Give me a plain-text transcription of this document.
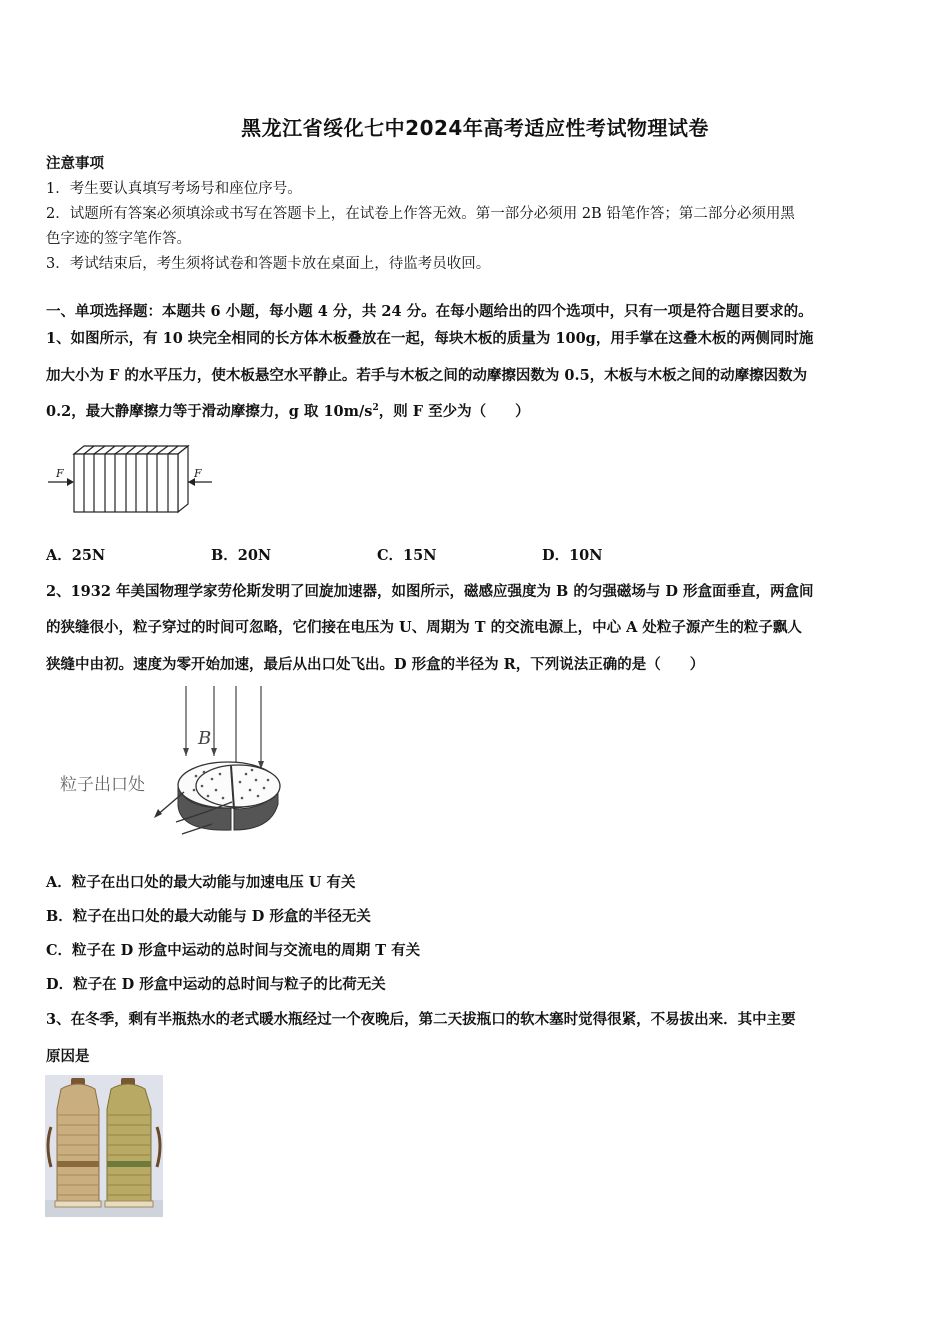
黑龙江省绥化七中2024年高考适应性考试物理试卷
注意事项
1．考生要认真填写考场号和座位序号。
2．试题所有答案必须填涂或书写在答题卡上，在试卷上作答无效。第一部分必须用 2B 铅笔作答；第二部分必须用黑
色字迹的签字笔作答。
3．考试结束后，考生须将试卷和答题卡放在桌面上，待监考员收回。
一、单项选择题：本题共 6 小题，每小题 4 分，共 24 分。在每小题给出的四个选项中，只有一项是符合题目要求的。
1、如图所示，有 10 块完全相同的长方体木板叠放在一起，每块木板的质量为 100g，用手掌在这叠木板的两侧同时施
加大小为 F 的水平压力，使木板悬空水平静止。若手与木板之间的动摩擦因数为 0.5，木板与木板之间的动摩擦因数为
0.2，最大静摩擦力等于滑动摩擦力，g 取 $10m/s^2$，则 F 至少为（　　）
F	F
A．25N	B．20N	C．15N	D．10N
2、1932 年美国物理学家劳伦斯发明了回旋加速器，如图所示，磁感应强度为 B 的匀强磁场与 D 形盒面垂直，两盒间
的狭缝很小，粒子穿过的时间可忽略，它们接在电压为 U、周期为 T 的交流电源上，中心 A 处粒子源产生的粒子飘人
狭缝中由初。速度为零开始加速，最后从出口处飞出。D 形盒的半径为 R，下列说法正确的是（　　）
B
粒子出口处
A．粒子在出口处的最大动能与加速电压 U 有关
B．粒子在出口处的最大动能与 D 形盒的半径无关
C．粒子在 D 形盒中运动的总时间与交流电的周期 T 有关
D．粒子在 D 形盒中运动的总时间与粒子的比荷无关
3、在冬季，剩有半瓶热水的老式暖水瓶经过一个夜晚后，第二天拔瓶口的软木塞时觉得很紧，不易拔出来．其中主要
原因是
